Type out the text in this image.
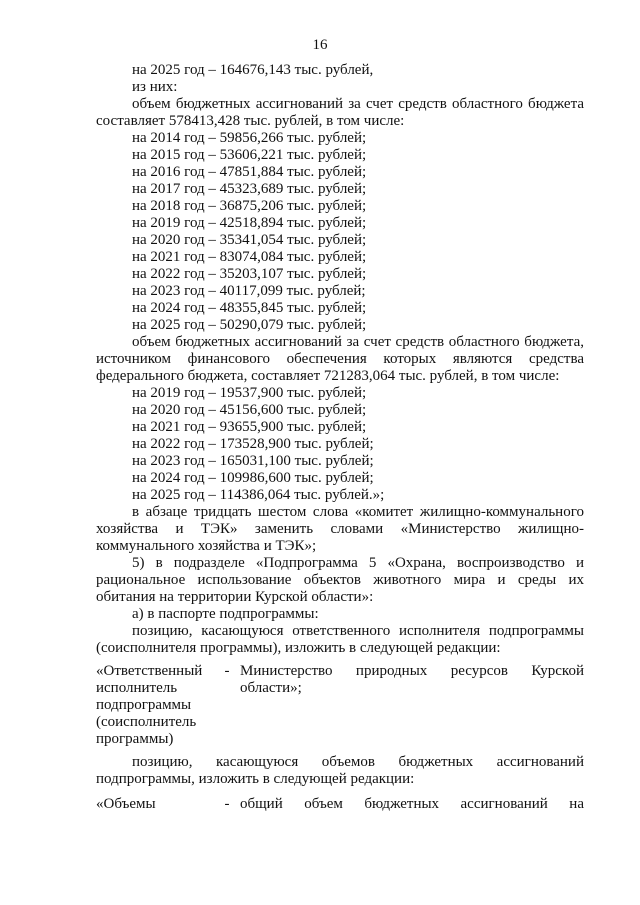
16
на 2025 год – 164676,143 тыс. рублей,
из них:
объем бюджетных ассигнований за счет средств областного бюджета составляет 578413,428 тыс. рублей, в том числе:
на 2014 год – 59856,266 тыс. рублей;
на 2015 год – 53606,221 тыс. рублей;
на 2016 год – 47851,884 тыс. рублей;
на 2017 год – 45323,689 тыс. рублей;
на 2018 год – 36875,206 тыс. рублей;
на 2019 год – 42518,894 тыс. рублей;
на 2020 год – 35341,054 тыс. рублей;
на 2021 год – 83074,084 тыс. рублей;
на 2022 год – 35203,107 тыс. рублей;
на 2023 год – 40117,099 тыс. рублей;
на 2024 год – 48355,845 тыс. рублей;
на 2025 год – 50290,079 тыс. рублей;
объем бюджетных ассигнований за счет средств областного бюджета, источником финансового обеспечения которых являются средства федерального бюджета, составляет 721283,064 тыс. рублей, в том числе:
на 2019 год – 19537,900 тыс. рублей;
на 2020 год – 45156,600 тыс. рублей;
на 2021 год – 93655,900 тыс. рублей;
на 2022 год – 173528,900 тыс. рублей;
на 2023 год – 165031,100 тыс. рублей;
на 2024 год – 109986,600 тыс. рублей;
на 2025 год – 114386,064 тыс. рублей.»;
в абзаце тридцать шестом слова «комитет жилищно-коммунального хозяйства и ТЭК» заменить словами «Министерство жилищно-коммунального хозяйства и ТЭК»;
5) в подразделе «Подпрограмма 5 «Охрана, воспроизводство и рациональное использование объектов животного мира и среды их обитания на территории Курской области»:
а) в паспорте подпрограммы:
позицию, касающуюся ответственного исполнителя подпрограммы (соисполнителя программы), изложить в следующей редакции:
«Ответственный
исполнитель
подпрограммы
(соисполнитель
программы)
- Министерство природных ресурсов Курской области»;
позицию, касающуюся объемов бюджетных ассигнований подпрограммы, изложить в следующей редакции:
«Объемы	- общий объем бюджетных ассигнований на
